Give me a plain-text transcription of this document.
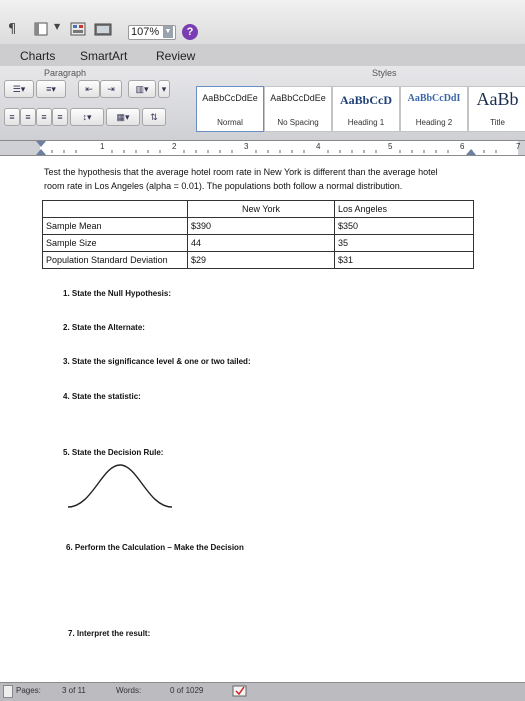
¶	▼	107% ▼	?
Charts SmartArt Review
Paragraph	Styles
☰▾	≡▾	⇤	⇥	▥▾	▾
≡	≡	≡	≡	↕▾	▦▾	⇅
AaBbCcDdEe
Normal
AaBbCcDdEe
No Spacing
AaBbCcD
Heading 1
AaBbCcDdI
Heading 2
AaBb
Title
1	2	3	4	5	6	7
Test the hypothesis that the average hotel room rate in New York is different than the average hotel
room rate in Los Angeles (alpha = 0.01). The populations both follow a normal distribution.
	New York	Los Angeles
Sample Mean	$390	$350
Sample Size	44	35
Population Standard Deviation	$29	$31
1. State the Null Hypothesis:
2. State the Alternate:
3. State the significance level & one or two tailed:
4. State the statistic:
5. State the Decision Rule:
6. Perform the Calculation – Make the Decision
7. Interpret the result:
Pages:	3 of 11	Words:	0 of 1029
